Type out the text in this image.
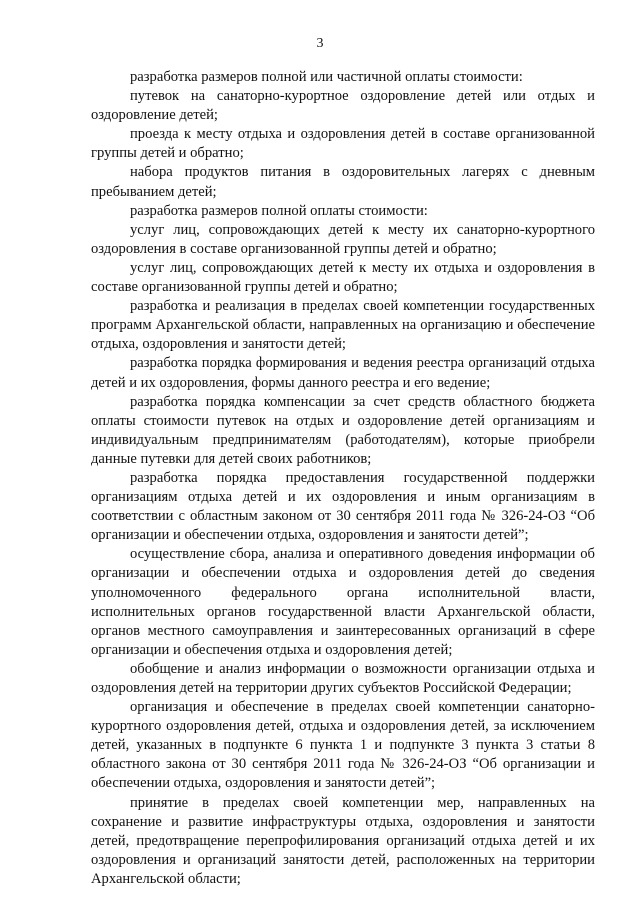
3

разработка размеров полной или частичной оплаты стоимости:

путевок на санаторно-курортное оздоровление детей или отдых и оздоровление детей;

проезда к месту отдыха и оздоровления детей в составе организованной группы детей и обратно;

набора продуктов питания в оздоровительных лагерях с дневным пребыванием детей;

разработка размеров полной оплаты стоимости:

услуг лиц, сопровождающих детей к месту их санаторно-курортного оздоровления в составе организованной группы детей и обратно;

услуг лиц, сопровождающих детей к месту их отдыха и оздоровления в составе организованной группы детей и обратно;

разработка и реализация в пределах своей компетенции государственных программ Архангельской области, направленных на организацию и обеспечение отдыха, оздоровления и занятости детей;

разработка порядка формирования и ведения реестра организаций отдыха детей и их оздоровления, формы данного реестра и его ведение;

разработка порядка компенсации за счет средств областного бюджета оплаты стоимости путевок на отдых и оздоровление детей организациям и индивидуальным предпринимателям (работодателям), которые приобрели данные путевки для детей своих работников;

разработка порядка предоставления государственной поддержки организациям отдыха детей и их оздоровления и иным организациям в соответствии с областным законом от 30 сентября 2011 года № 326-24-ОЗ “Об организации и обеспечении отдыха, оздоровления и занятости детей”;

осуществление сбора, анализа и оперативного доведения информации об организации и обеспечении отдыха и оздоровления детей до сведения уполномоченного федерального органа исполнительной власти, исполнительных органов государственной власти Архангельской области, органов местного самоуправления и заинтересованных организаций в сфере организации и обеспечения отдыха и оздоровления детей;

обобщение и анализ информации о возможности организации отдыха и оздоровления детей на территории других субъектов Российской Федерации;

организация и обеспечение в пределах своей компетенции санаторно-курортного оздоровления детей, отдыха и оздоровления детей, за исключением детей, указанных в подпункте 6 пункта 1 и подпункте 3 пункта 3 статьи 8 областного закона от 30 сентября 2011 года № 326-24-ОЗ “Об организации и обеспечении отдыха, оздоровления и занятости детей”;

принятие в пределах своей компетенции мер, направленных на сохранение и развитие инфраструктуры отдыха, оздоровления и занятости детей, предотвращение перепрофилирования организаций отдыха детей и их оздоровления и организаций занятости детей, расположенных на территории Архангельской области;
